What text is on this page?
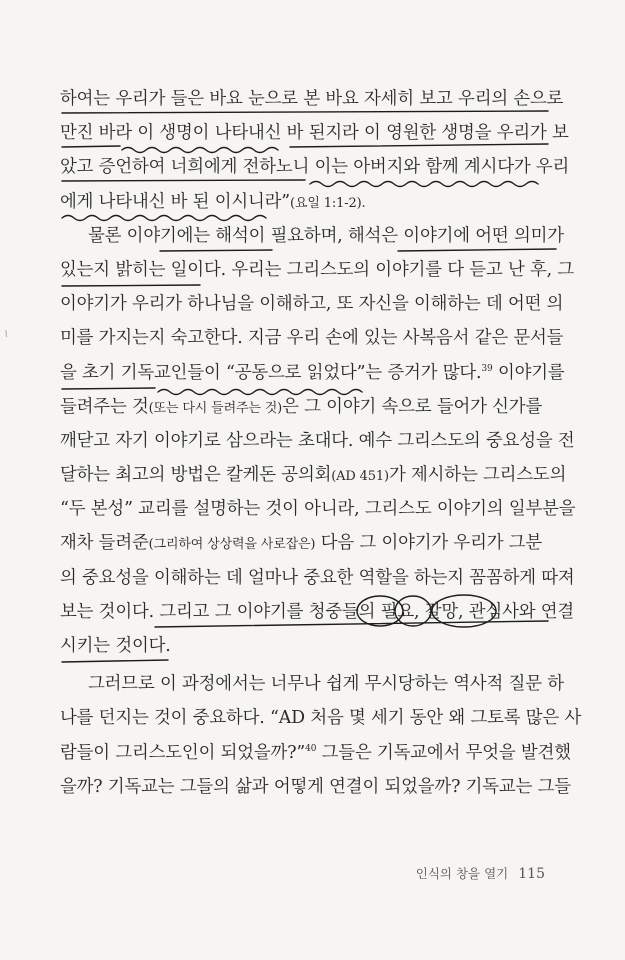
하여는 우리가 들은 바요 눈으로 본 바요 자세히 보고 우리의 손으로
만진 바라 이 생명이 나타내신 바 된지라 이 영원한 생명을 우리가 보
았고 증언하여 너희에게 전하노니 이는 아버지와 함께 계시다가 우리
에게 나타내신 바 된 이시니라”(요일 1:1-2).
물론 이야기에는 해석이 필요하며, 해석은 이야기에 어떤 의미가
있는지 밝히는 일이다. 우리는 그리스도의 이야기를 다 듣고 난 후, 그
이야기가 우리가 하나님을 이해하고, 또 자신을 이해하는 데 어떤 의
미를 가지는지 숙고한다. 지금 우리 손에 있는 사복음서 같은 문서들
을 초기 기독교인들이 “공동으로 읽었다”는 증거가 많다.$^{39}$ 이야기를
들려주는 것(또는 다시 들려주는 것)은 그 이야기 속으로 들어가 신가를
깨닫고 자기 이야기로 삼으라는 초대다. 예수 그리스도의 중요성을 전
달하는 최고의 방법은 칼케돈 공의회(AD 451)가 제시하는 그리스도의
“두 본성” 교리를 설명하는 것이 아니라, 그리스도 이야기의 일부분을
재차 들려준(그리하여 상상력을 사로잡은) 다음 그 이야기가 우리가 그분
의 중요성을 이해하는 데 얼마나 중요한 역할을 하는지 꼼꼼하게 따져
보는 것이다. 그리고 그 이야기를 청중들의 필요, 갈망, 관심사와 연결
시키는 것이다.
그러므로 이 과정에서는 너무나 쉽게 무시당하는 역사적 질문 하
나를 던지는 것이 중요하다. “AD 처음 몇 세기 동안 왜 그토록 많은 사
람들이 그리스도인이 되었을까?”$^{40}$ 그들은 기독교에서 무엇을 발견했
을까? 기독교는 그들의 삶과 어떻게 연결이 되었을까? 기독교는 그들
⌇
인식의 창을 열기 115
